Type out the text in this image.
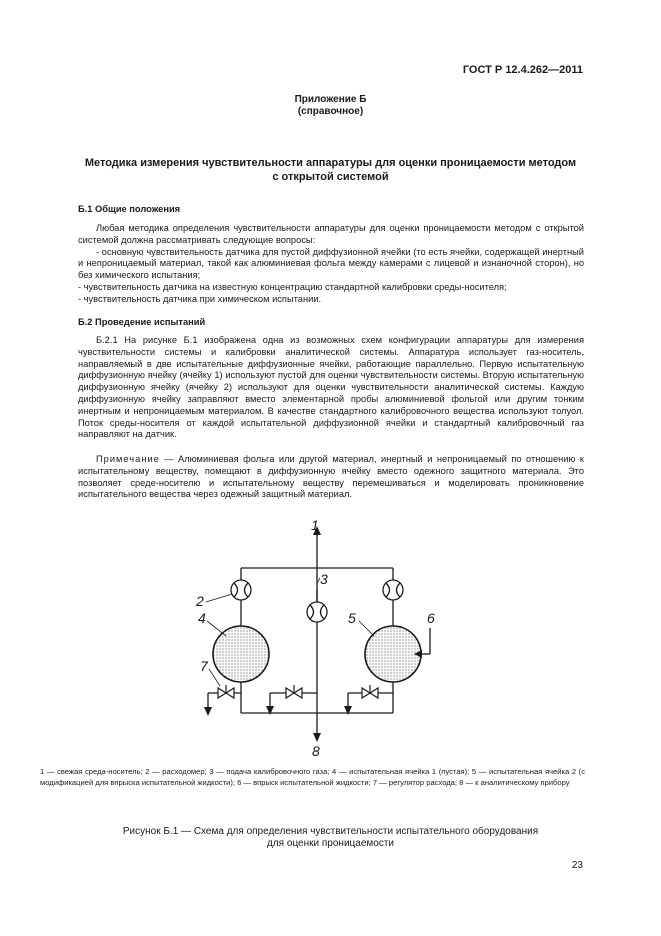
ГОСТ Р 12.4.262—2011
Приложение Б
(справочное)
Методика измерения чувствительности аппаратуры для оценки проницаемости методом
с открытой системой
Б.1 Общие положения

Любая методика определения чувствительности аппаратуры для оценки проницаемости методом с открытой системой должна рассматривать следующие вопросы:

- основную чувствительность датчика для пустой диффузионной ячейки (то есть ячейки, содержащей инертный и непроницаемый материал, такой как алюминиевая фольга между камерами с лицевой и изнаночной сторон), но без химического испытания;

- чувствительность датчика на известную концентрацию стандартной калибровки среды-носителя;

- чувствительность датчика при химическом испытании.

Б.2 Проведение испытаний

Б.2.1 На рисунке Б.1 изображена одна из возможных схем конфигурации аппаратуры для измерения чувствительности системы и калибровки аналитической системы. Аппаратура использует газ-носитель, направляемый в две испытательные диффузионные ячейки, работающие параллельно. Первую испытательную диффузионную ячейку (ячейку 1) используют пустой для оценки чувствительности системы. Вторую испытательную диффузионную ячейку (ячейку 2) используют для оценки чувствительности аналитической системы. Каждую диффузионную ячейку заправляют вместо элементарной пробы алюминиевой фольгой или другим тонким инертным и непроницаемым материалом. В качестве стандартного калибровочного вещества используют толуол. Поток среды-носителя от каждой испытательной диффузионной ячейки и стандартный калибровочный газ направляют на датчик.

Примечание — Алюминиевая фольга или другой материал, инертный и непроницаемый по отношению к испытательному веществу, помещают в диффузионную ячейку вместо одежного защитного материала. Это позволяет среде-носителю и испытательному веществу перемешиваться и моделировать проникновение испытательного вещества через одежный защитный материал.

1
2
3
4	5	6
7
8
1 — свежая среда-носитель; 2 — расходомер; 3 — подача калибровочного газа; 4 — испытательная ячейка 1 (пустая); 5 — испытательная ячейка 2 (с модификацией для впрыска испытательной жидкости); 6 — впрыск испытательной жидкости; 7 — регулятор расхода; 8 — к аналитическому прибору
Рисунок Б.1 — Схема для определения чувствительности испытательного оборудования
для оценки проницаемости
23
